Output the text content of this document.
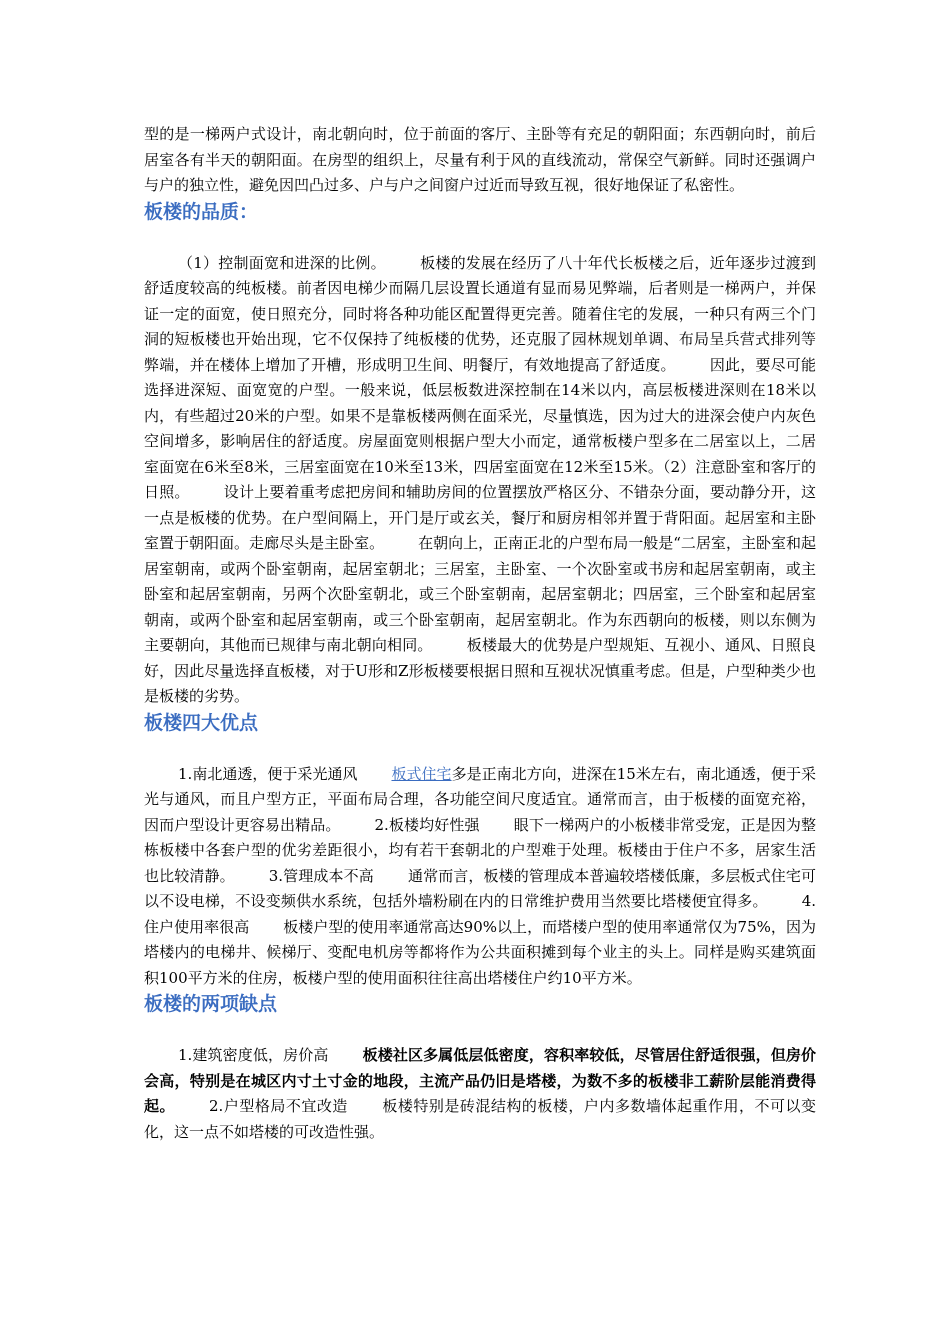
型的是一梯两户式设计，南北朝向时，位于前面的客厅、主卧等有充足的朝阳面；东西朝向时，前后居室各有半天的朝阳面。在房型的组织上，尽量有利于风的直线流动，常保空气新鲜。同时还强调户与户的独立性，避免因凹凸过多、户与户之间窗户过近而导致互视，很好地保证了私密性。

板楼的品质：

（1）控制面宽和进深的比例。 板楼的发展在经历了八十年代长板楼之后，近年逐步过渡到舒适度较高的纯板楼。前者因电梯少而隔几层设置长通道有显而易见弊端，后者则是一梯两户，并保证一定的面宽，使日照充分，同时将各种功能区配置得更完善。随着住宅的发展，一种只有两三个门洞的短板楼也开始出现，它不仅保持了纯板楼的优势，还克服了园林规划单调、布局呈兵营式排列等弊端，并在楼体上增加了开槽，形成明卫生间、明餐厅，有效地提高了舒适度。 因此，要尽可能选择进深短、面宽宽的户型。一般来说，低层板数进深控制在14米以内，高层板楼进深则在18米以内，有些超过20米的户型。如果不是靠板楼两侧在面采光，尽量慎选，因为过大的进深会使户内灰色空间增多，影响居住的舒适度。房屋面宽则根据户型大小而定，通常板楼户型多在二居室以上，二居室面宽在6米至8米，三居室面宽在10米至13米，四居室面宽在12米至15米。（2）注意卧室和客厅的日照。 设计上要着重考虑把房间和辅助房间的位置摆放严格区分、不错杂分面，要动静分开，这一点是板楼的优势。在户型间隔上，开门是厅或玄关，餐厅和厨房相邻并置于背阳面。起居室和主卧室置于朝阳面。走廊尽头是主卧室。 在朝向上，正南正北的户型布局一般是“二居室，主卧室和起居室朝南，或两个卧室朝南，起居室朝北；三居室，主卧室、一个次卧室或书房和起居室朝南，或主卧室和起居室朝南，另两个次卧室朝北，或三个卧室朝南，起居室朝北；四居室，三个卧室和起居室朝南，或两个卧室和起居室朝南，或三个卧室朝南，起居室朝北。作为东西朝向的板楼，则以东侧为主要朝向，其他而已规律与南北朝向相同。 板楼最大的优势是户型规矩、互视小、通风、日照良好，因此尽量选择直板楼，对于U形和Z形板楼要根据日照和互视状况慎重考虑。但是，户型种类少也是板楼的劣势。

板楼四大优点

1.南北通透，便于采光通风 板式住宅多是正南北方向，进深在15米左右，南北通透，便于采光与通风，而且户型方正，平面布局合理，各功能空间尺度适宜。通常而言，由于板楼的面宽充裕，因而户型设计更容易出精品。 2.板楼均好性强 眼下一梯两户的小板楼非常受宠，正是因为整栋板楼中各套户型的优劣差距很小，均有若干套朝北的户型难于处理。板楼由于住户不多，居家生活也比较清静。 3.管理成本不高 通常而言，板楼的管理成本普遍较塔楼低廉，多层板式住宅可以不设电梯，不设变频供水系统，包括外墙粉刷在内的日常维护费用当然要比塔楼便宜得多。 4.住户使用率很高 板楼户型的使用率通常高达90%以上，而塔楼户型的使用率通常仅为75%，因为塔楼内的电梯井、候梯厅、变配电机房等都将作为公共面积摊到每个业主的头上。同样是购买建筑面积100平方米的住房，板楼户型的使用面积往往高出塔楼住户约10平方米。

板楼的两项缺点

1.建筑密度低，房价高 板楼社区多属低层低密度，容积率较低，尽管居住舒适很强，但房价会高，特别是在城区内寸土寸金的地段，主流产品仍旧是塔楼，为数不多的板楼非工薪阶层能消费得起。 2.户型格局不宜改造 板楼特别是砖混结构的板楼，户内多数墙体起重作用，不可以变化，这一点不如塔楼的可改造性强。
